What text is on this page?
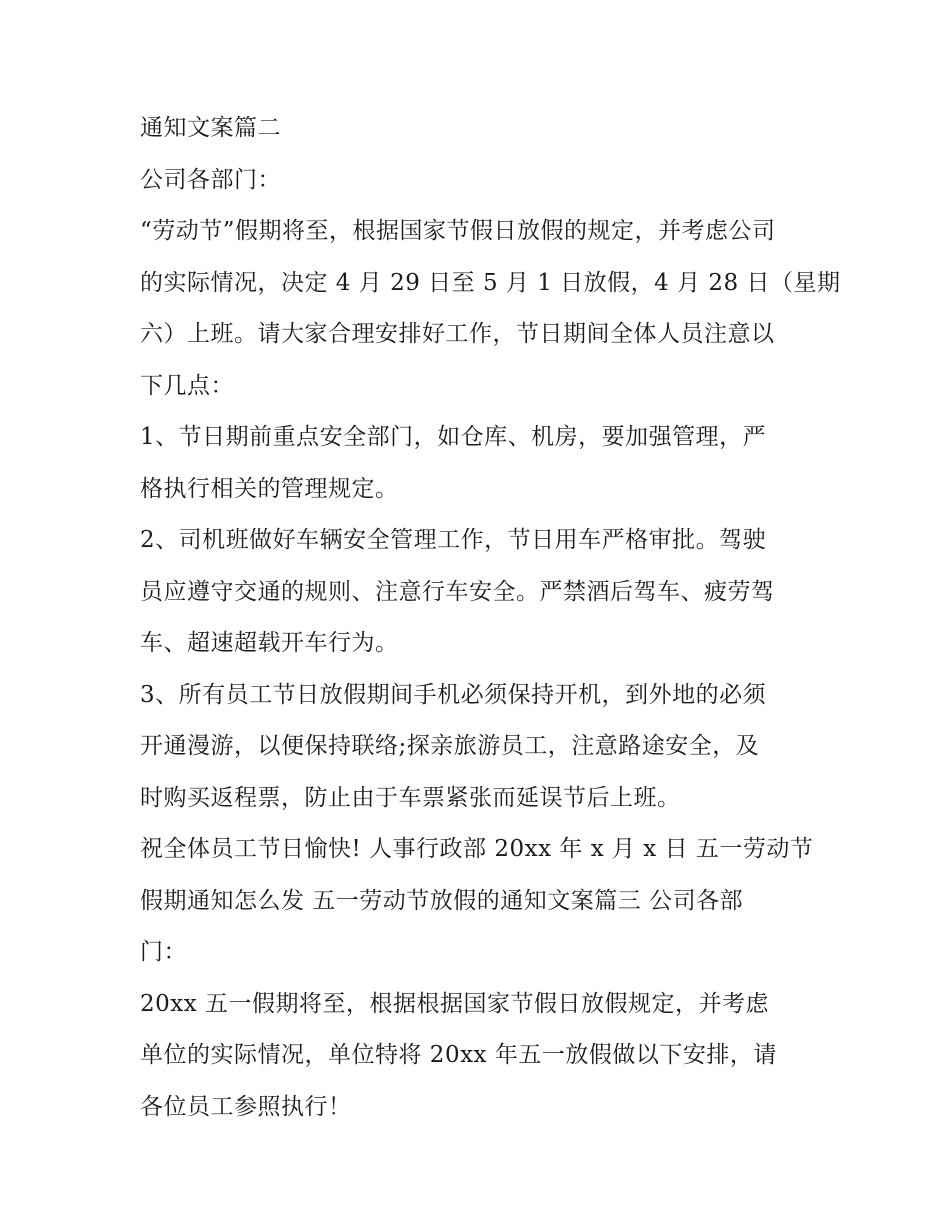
通知文案篇二
公司各部门：
“劳动节”假期将至，根据国家节假日放假的规定，并考虑公司
的实际情况，决定 4 月 29 日至 5 月 1 日放假，4 月 28 日（星期
六）上班。请大家合理安排好工作，节日期间全体人员注意以
下几点：
1、节日期前重点安全部门，如仓库、机房，要加强管理，严
格执行相关的管理规定。
2、司机班做好车辆安全管理工作，节日用车严格审批。驾驶
员应遵守交通的规则、注意行车安全。严禁酒后驾车、疲劳驾
车、超速超载开车行为。
3、所有员工节日放假期间手机必须保持开机，到外地的必须
开通漫游，以便保持联络;探亲旅游员工，注意路途安全，及
时购买返程票，防止由于车票紧张而延误节后上班。
祝全体员工节日愉快! 人事行政部 20xx 年 x 月 x 日 五一劳动节
假期通知怎么发 五一劳动节放假的通知文案篇三 公司各部
门：
20xx 五一假期将至，根据根据国家节假日放假规定，并考虑
单位的实际情况，单位特将 20xx 年五一放假做以下安排，请
各位员工参照执行！
